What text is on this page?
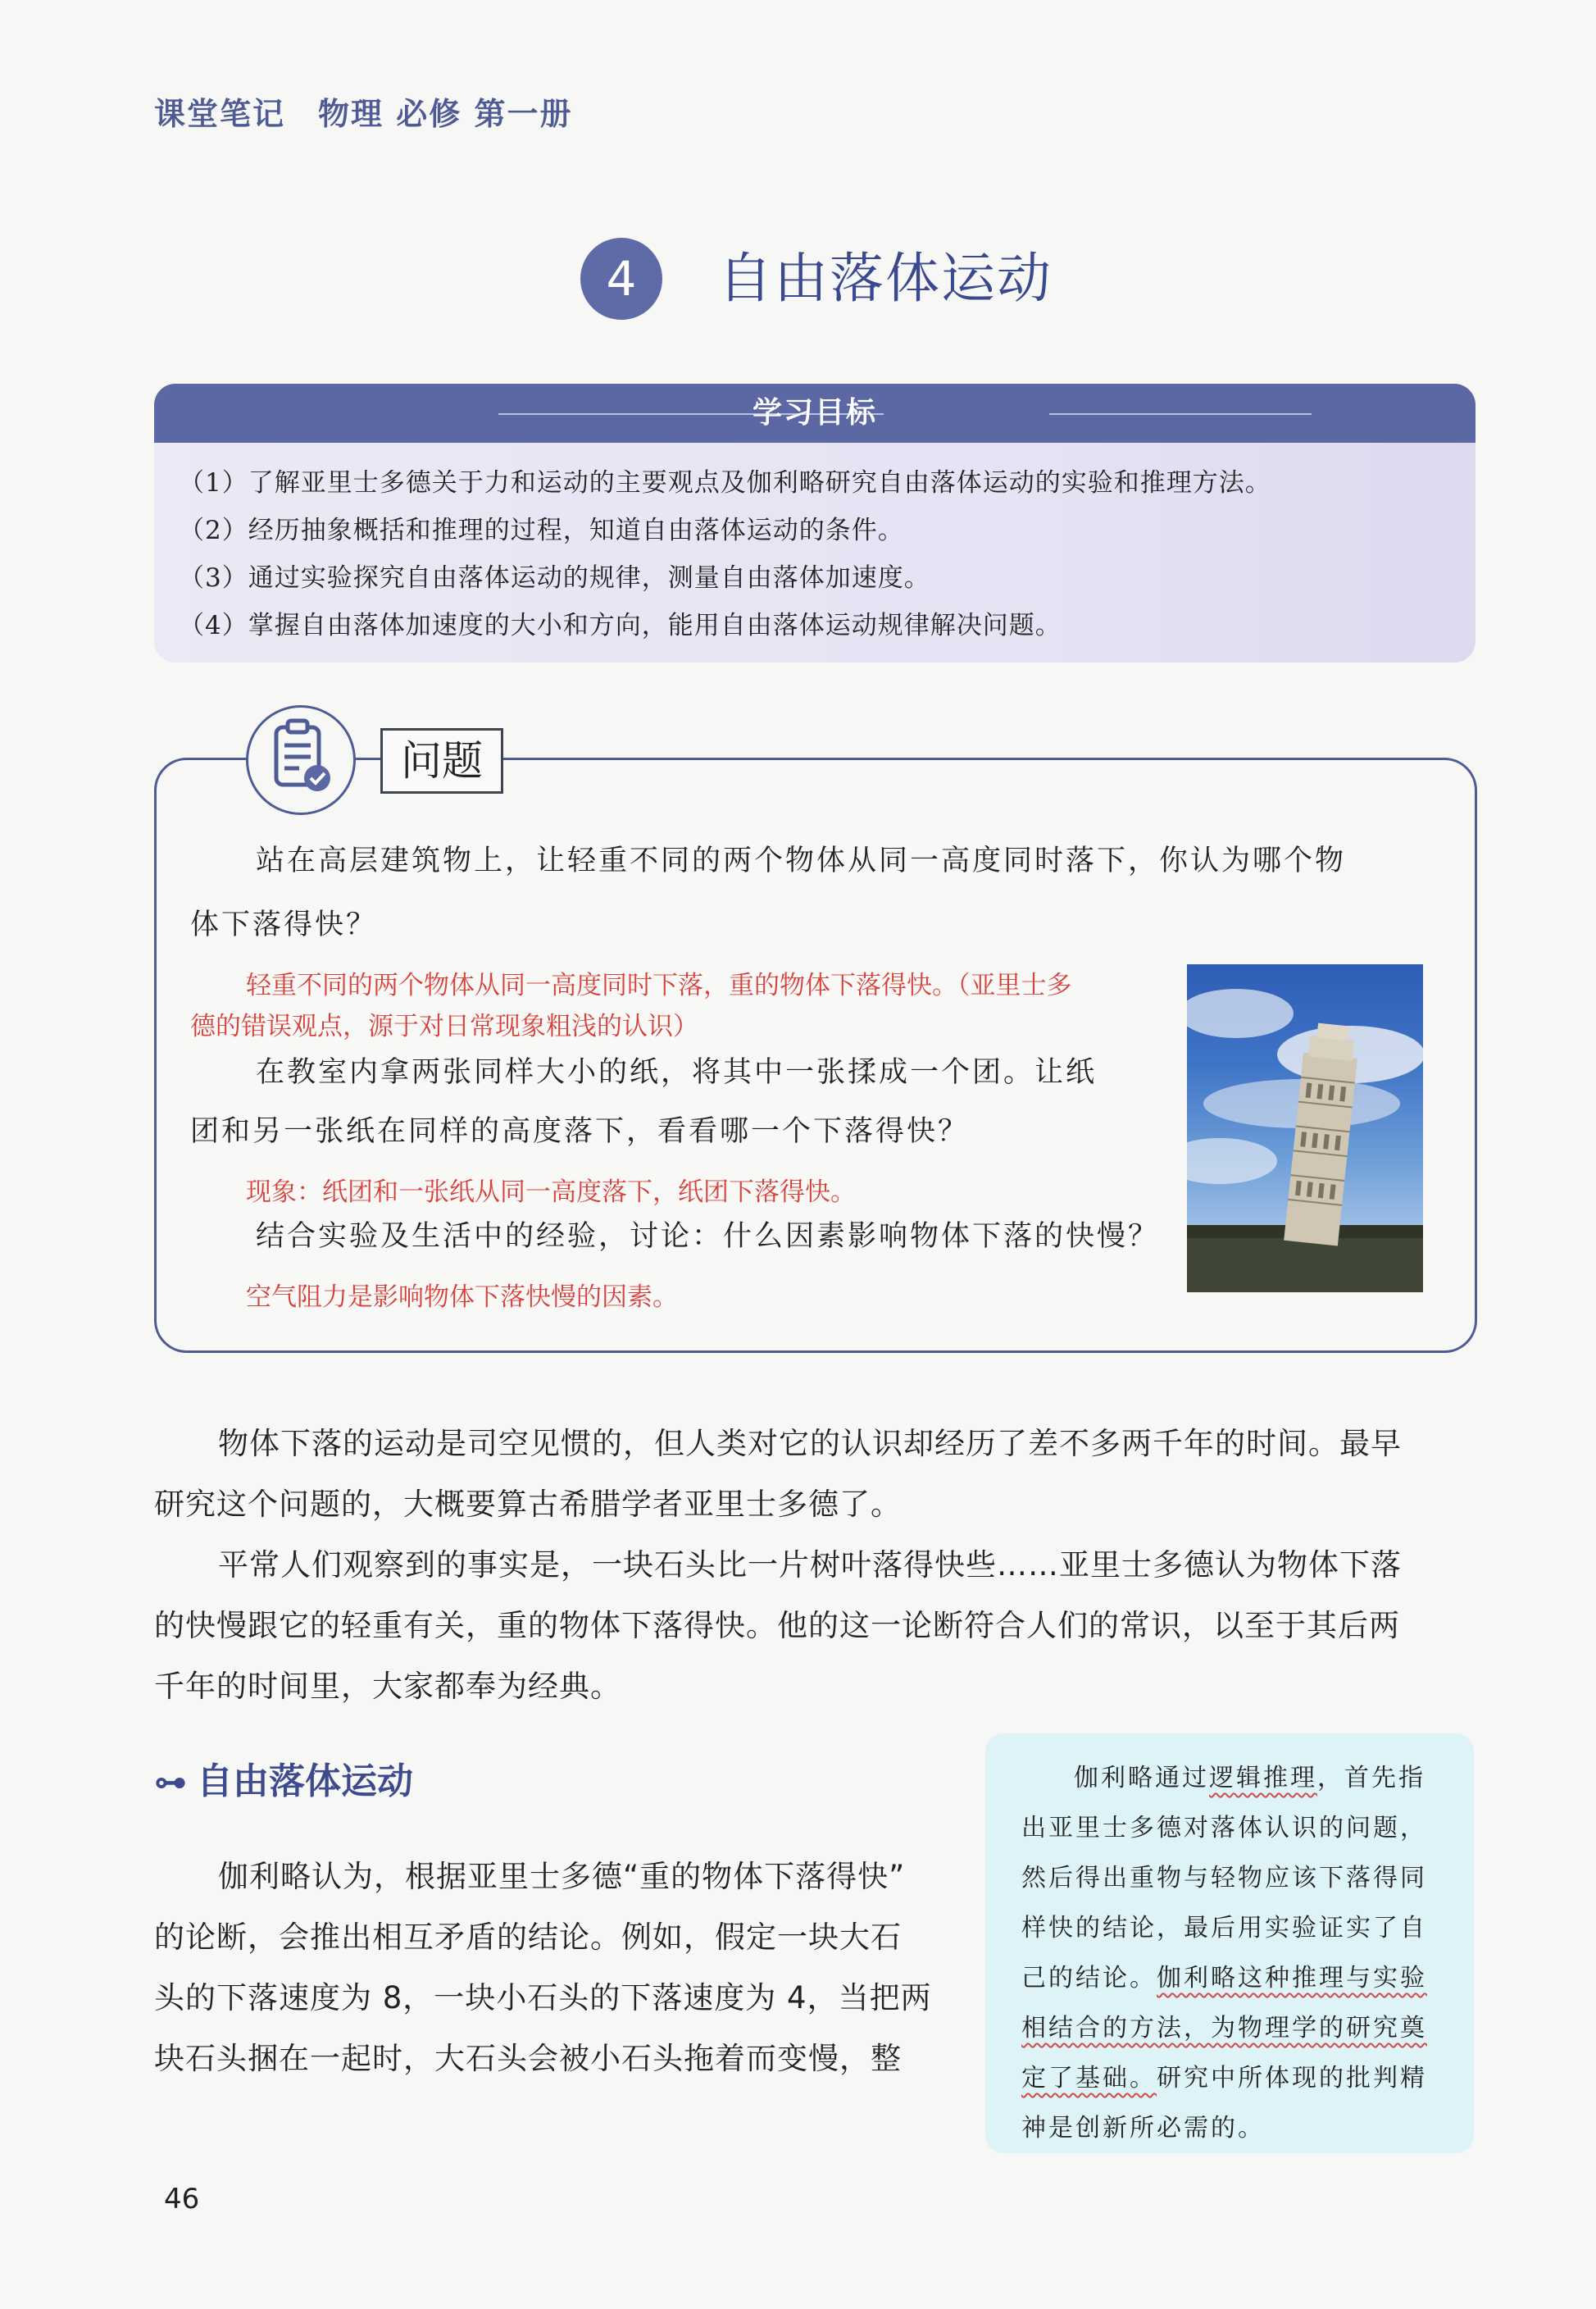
课堂笔记 物理 必修 第一册
4	自由落体运动
学习目标
（1）了解亚里士多德关于力和运动的主要观点及伽利略研究自由落体运动的实验和推理方法。
（2）经历抽象概括和推理的过程，知道自由落体运动的条件。
（3）通过实验探究自由落体运动的规律，测量自由落体加速度。
（4）掌握自由落体加速度的大小和方向，能用自由落体运动规律解决问题。
问题
站在高层建筑物上，让轻重不同的两个物体从同一高度同时落下，你认为哪个物
体下落得快？
轻重不同的两个物体从同一高度同时下落，重的物体下落得快。（亚里士多
德的错误观点，源于对日常现象粗浅的认识）
在教室内拿两张同样大小的纸，将其中一张揉成一个团。让纸
团和另一张纸在同样的高度落下，看看哪一个下落得快？
现象：纸团和一张纸从同一高度落下，纸团下落得快。
结合实验及生活中的经验，讨论：什么因素影响物体下落的快慢？
空气阻力是影响物体下落快慢的因素。
物体下落的运动是司空见惯的，但人类对它的认识却经历了差不多两千年的时间。最早
研究这个问题的，大概要算古希腊学者亚里士多德了。
平常人们观察到的事实是，一块石头比一片树叶落得快些……亚里士多德认为物体下落
的快慢跟它的轻重有关，重的物体下落得快。他的这一论断符合人们的常识，以至于其后两
千年的时间里，大家都奉为经典。
⊶ 自由落体运动
伽利略认为，根据亚里士多德“重的物体下落得快”
的论断，会推出相互矛盾的结论。例如，假定一块大石
头的下落速度为 8，一块小石头的下落速度为 4，当把两
块石头捆在一起时，大石头会被小石头拖着而变慢，整
伽利略通过逻辑推理，首先指
出亚里士多德对落体认识的问题，
然后得出重物与轻物应该下落得同
样快的结论，最后用实验证实了自
己的结论。伽利略这种推理与实验
相结合的方法，为物理学的研究奠
定了基础。研究中所体现的批判精
神是创新所必需的。
46
